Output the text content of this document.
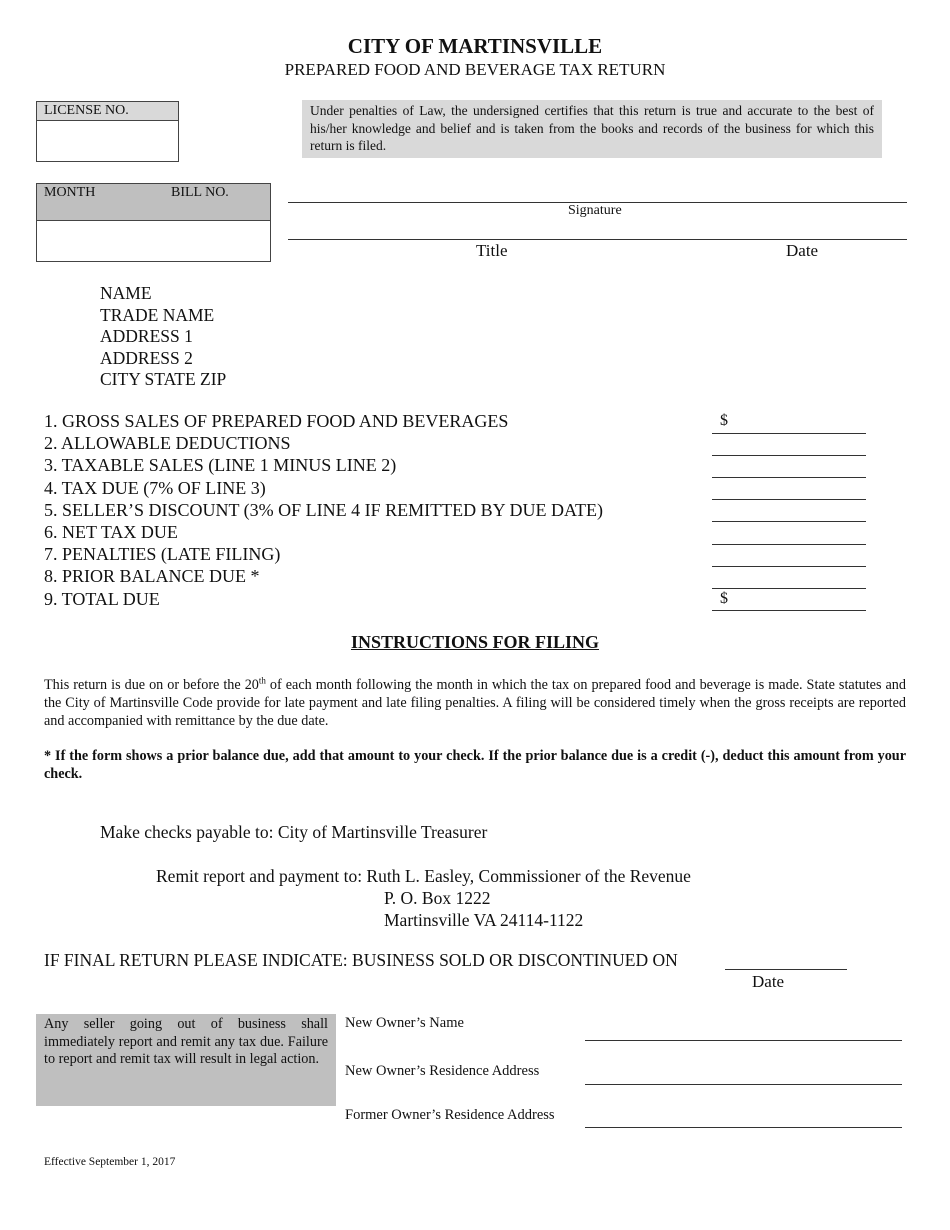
CITY OF MARTINSVILLE
PREPARED FOOD AND BEVERAGE TAX RETURN
LICENSE NO.	Under penalties of Law, the undersigned certifies that this return is true and accurate to the best of his/her knowledge and belief and is taken from the books and records of the business for which this return is filed.
MONTH	BILL NO.
Signature
Title	Date
NAME
TRADE NAME
ADDRESS 1
ADDRESS 2
CITY STATE ZIP
1. GROSS SALES OF PREPARED FOOD AND BEVERAGES
2. ALLOWABLE DEDUCTIONS
3. TAXABLE SALES (LINE 1 MINUS LINE 2)
4. TAX DUE (7% OF LINE 3)
5. SELLER’S DISCOUNT (3% OF LINE 4 IF REMITTED BY DUE DATE)
6. NET TAX DUE
7. PENALTIES (LATE FILING)
8. PRIOR BALANCE DUE *
9. TOTAL DUE
$
$
INSTRUCTIONS FOR FILING
This return is due on or before the 20th of each month following the month in which the tax on prepared food and beverage is made. State statutes and the City of Martinsville Code provide for late payment and late filing penalties. A filing will be considered timely when the gross receipts are reported and accompanied with remittance by the due date.
* If the form shows a prior balance due, add that amount to your check. If the prior balance due is a credit (-), deduct this amount from your check.
Make checks payable to: City of Martinsville Treasurer
Remit report and payment to: Ruth L. Easley, Commissioner of the Revenue
P. O. Box 1222
Martinsville VA 24114-1122
IF FINAL RETURN PLEASE INDICATE: BUSINESS SOLD OR DISCONTINUED ON
Date
Any seller going out of business shall immediately report and remit any tax due. Failure to report and remit tax will result in legal action.
New Owner’s Name
New Owner’s Residence Address
Former Owner’s Residence Address
Effective September 1, 2017
